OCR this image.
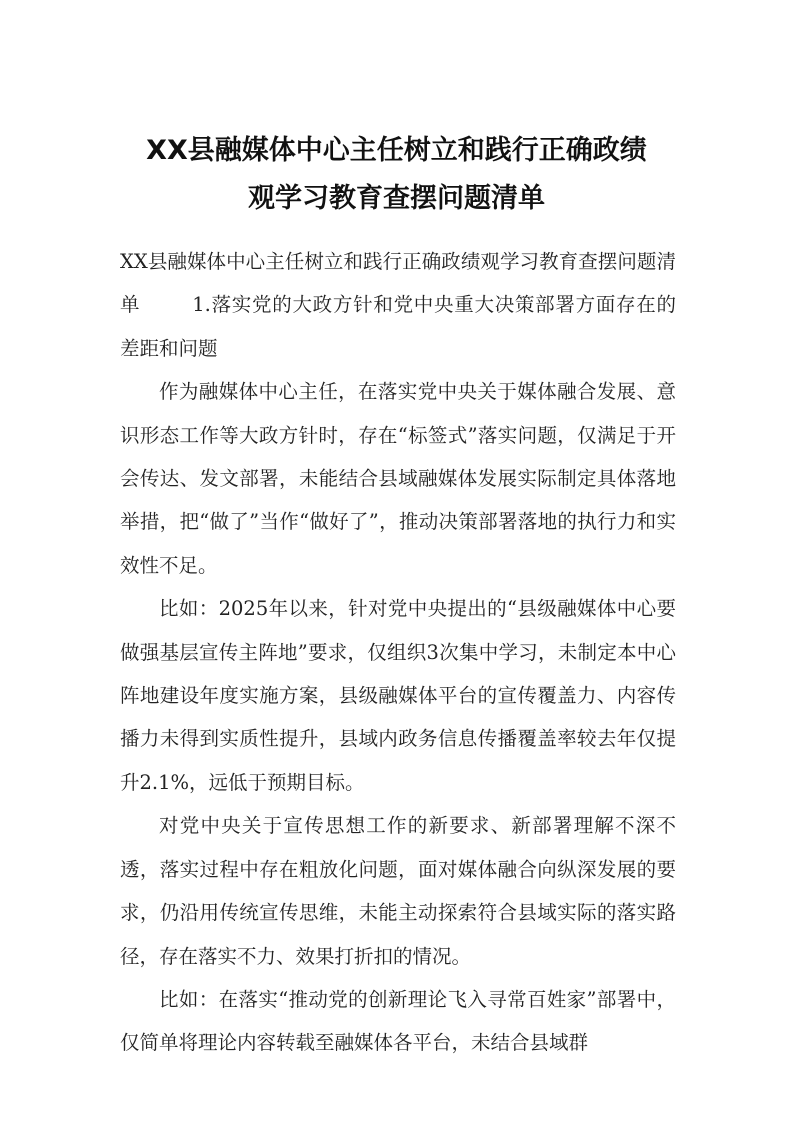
XX县融媒体中心主任树立和践行正确政绩
观学习教育查摆问题清单

XX县融媒体中心主任树立和践行正确政绩观学习教育查摆问题清单	1.落实党的大政方针和党中央重大决策部署方面存在的差距和问题

作为融媒体中心主任，在落实党中央关于媒体融合发展、意识形态工作等大政方针时，存在“标签式”落实问题，仅满足于开会传达、发文部署，未能结合县域融媒体发展实际制定具体落地举措，把“做了”当作“做好了”，推动决策部署落地的执行力和实效性不足。

比如：2025年以来，针对党中央提出的“县级融媒体中心要做强基层宣传主阵地”要求，仅组织3次集中学习，未制定本中心阵地建设年度实施方案，县级融媒体平台的宣传覆盖力、内容传播力未得到实质性提升，县域内政务信息传播覆盖率较去年仅提升2.1%，远低于预期目标。

对党中央关于宣传思想工作的新要求、新部署理解不深不透，落实过程中存在粗放化问题，面对媒体融合向纵深发展的要求，仍沿用传统宣传思维，未能主动探索符合县域实际的落实路径，存在落实不力、效果打折扣的情况。

比如：在落实“推动党的创新理论飞入寻常百姓家”部署中，仅简单将理论内容转载至融媒体各平台，未结合县域群
